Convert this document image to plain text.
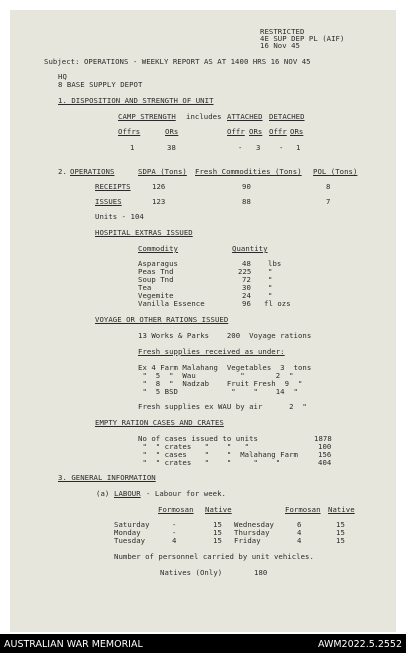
RESTRICTED
4E SUP DEP PL (AIF)
16 Nov 45
Subject: OPERATIONS - WEEKLY REPORT AS AT 1400 HRS 16 NOV 45
HQ
8 BASE SUPPLY DEPOT
1. DISPOSITION AND STRENGTH OF UNIT
CAMP STRENGTH includes ATTACHED DETACHED
Offrs	ORs	Offr ORs Offr ORs
1	38	- 3	- 1
2. OPERATIONS	SDPA (Tons) Fresh Commodities (Tons) POL (Tons)
RECEIPTS	126	90	8
ISSUES	123	88	7
Units - 104
HOSPITAL EXTRAS ISSUED
Commodity	Quantity
Asparagus	48 lbs
Peas Tnd	225 "
Soup Tnd	72 "
Tea	30 "
Vegemite	24 "
Vanilla Essence	96 fl ozs
VOYAGE OR OTHER RATIONS ISSUED
13 Works & Parks    200  Voyage rations
Fresh supplies received as under:
Ex 4 Farm Malahang  Vegetables  3  tons
"  5  "  Wau          "       2  "
"  8  "  Nadzab    Fruit Fresh  9  "
"  5 BSD            "    "    14  "
Fresh supplies ex WAU by air      2  "
EMPTY RATION CASES AND CRATES
No of cases issued to units	1878
"  " crates   "    "   "	100
"  " cases    "    "  Malahang Farm	156
"  " crates   "    "     "    "	404
3. GENERAL INFORMATION
(a) LABOUR - Labour for week.
Formosan Native	Formosan Native
Saturday	-	15 Wednesday	6	15
Monday	-	15 Thursday	4	15
Tuesday	4	15 Friday	4	15
Number of personnel carried by unit vehicles.
Natives (Only)	180
AUSTRALIAN WAR MEMORIAL	AWM2022.5.2552
